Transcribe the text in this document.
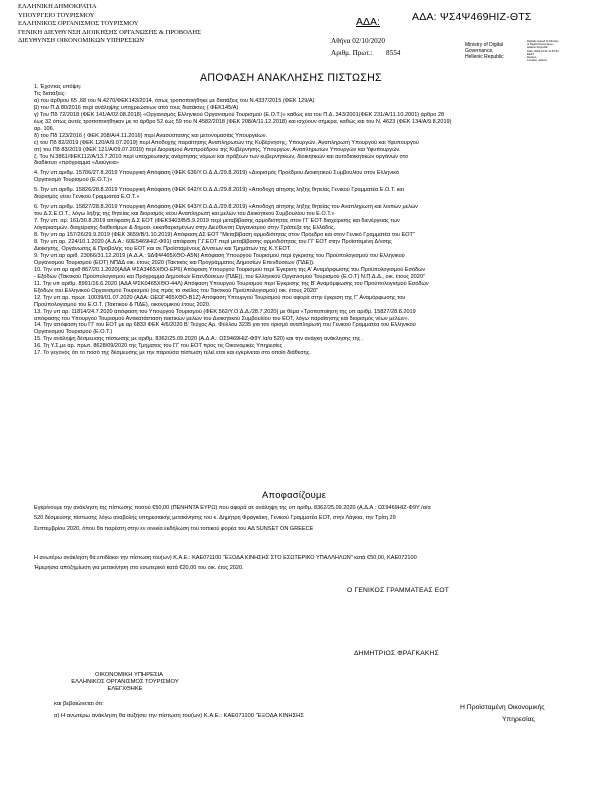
ΕΛΛΗΝΙΚΗ ΔΗΜΟΚΡΑΤΙΑ
ΥΠΟΥΡΓΕΙΟ ΤΟΥΡΙΣΜΟΥ
ΕΛΛΗΝΙΚΟΣ ΟΡΓΑΝΙΣΜΟΣ ΤΟΥΡΙΣΜΟΥ
ΓΕΝΙΚΗ ΔΙΕΥΘΥΝΣΗ ΔΙΟΙΚΗΣΗΣ ΟΡΓΑΝΩΣΗΣ & ΠΡΟΒΟΛΗΣ
ΔΙΕΥΘΥΝΣΗ ΟΙΚΟΝΟΜΙΚΩΝ ΥΠΗΡΕΣΙΩΝ
ΑΔΑ:	ΑΔΑ: ΨΣ4Ψ469ΗΙΖ-ΘΤΣ
Αθήνα 02/10/2020
Αριθμ. Πρωτ.: 8554
Ministry of Digital
Governance,
Hellenic Republic
Digitally signed by Ministry
of Digital Governance,
Hellenic Republic
Date: 2020.10.02 11:53:34
EEST
Reason:
Location: Athens
ΑΠΟΦΑΣΗ ΑΝΑΚΛΗΣΗΣ ΠΙΣΤΩΣΗΣ
1. Έχοντας υπόψη:
Τις διατάξεις:
α) του άρθρου 65 ,68 του Ν.4270/ΦΕΚ143/2014, όπως τροποποιήθηκε με διατάξεις του Ν.4337/2015 (ΦΕΚ 129/Α)
β) του Π.Δ 80/2016 περί ανάληψης υποχρεώσεων από τους διατάκτες ( ΦΕΚ145/Α)
γ) Του Πδ 72/2018 (ΦΕΚ 141/Α/02.08.2018) «Οργανισμός Ελληνικού Οργανισμού Τουρισμού (Ε.Ο.Τ.)» καθώς και του Π.Δ. 343/2001(ΦΕΚ 231/Α/11.10.2001) άρθρο 28
έως 32 όπως αυτές τροποποιήθηκαν με το άρθρο 52 έως 59 του Ν.4582/2018 (ΦΕΚ 208/Α/11.12.2018) και ισχύουν σήμερα, καθώς και του Ν. 4623 (ΦΕΚ 134/Α/9.8.2019)
αρ. 106.
δ) του Πδ 123/2016 ( ΦΕΚ 208/Α/4.11.2016) περί Ανασύστασης και μετονομασίας Υπουργείων.
ε) του Πδ 82/2019 (ΦΕΚ 120/Α/9.07.2019) περί Αποδοχής παραίτησης Αναπληρωτών της Κυβέρνησης, Υπουργών, Αναπληρωτή Υπουργού και Υφυπουργού
στ) του Πδ 83/2019 (ΦΕΚ 121/Α/09.07.2019) περί Διορισμού Αντιπροέδρου της Κυβέρνησης, Υπουργών, Αναπληρωτών Υπουργών και Υφυπουργών.
ζ. Του Ν.3861/ΦΕΚ112/Α/13.7.2010 περί υποχρεωτικής ανάρτησης νόμων και πράξεων των κυβερνητικών, διοικητικών και αυτοδιοικητικών οργάνων στο
διαδίκτυο «πρόγραμμα «Διαύγεια»
4. Την υπ.αριθμ. 15706/27.8.2019 Υπουργική Απόφαση (ΦΕΚ 636/Υ.Ο.Δ.Δ./29.8.2019) «Διορισμός Προέδρου Διοικητικού Συμβουλίου στον Ελληνικό
Οργανισμό Τουρισμού (Ε.Ο.Τ.)»
5. Την υπ.αριθμ. 15826/28.8.2019 Υπουργική Απόφαση (ΦΕΚ 642/Υ.Ο.Δ.Δ./29.8.2019) «Αποδοχή αίτησης λήξης θητείας Γενικού Γραμματέα Ε.Ο.Τ. και
διορισμός νέου Γενικού Γραμματέα Ε.Ο.Τ.»
6. Την υπ.αριθμ. 15827/28.8.2019 Υπουργική Απόφαση (ΦΕΚ 643/Υ.Ο.Δ.Δ./29.8.2019) «Αποδοχή αίτησης λήξης θητείας του Αναπληρωτή και λοιπών μελών
του Δ.Σ.Ε.Ο.Τ., λόγω λήξης της θητείας και διορισμός νέου Αναπληρωτή και μελών του Διοικητικού Συμβουλίου του Ε.Ο.Τ.»
7. Την υπ. αρ. 161/30.8.2019 απόφαση Δ.Σ ΕΟΤ (ΦΕΚ3403/Β/5.9.2019 περί μεταβίβασης αρμοδιότητας στον ΓΓ ΕΟΤ διαχείρισης και διενέργειας των
λογαριασμών, διαχείρισης διαθεσίμων & δημοσ. εκκαθαρισμένων στην Διεύθυνση Οργανισμού στην Τράπεζα της Ελλάδος.
8. Την υπ αρ 157/26/29.9.2019 (ΦΕΚ 3659/Β/1.10.2019) Απόφαση ΔΣ ΕΟΤ "Μεταβίβαση αρμοδιότητας στον Πρόεδρο και στον Γενικό Γραμματέα του ΕΟΤ"
8. Την υπ.αρ. 224/10.1.2020 (Α.Δ.Α.: 60Ε5469ΗΙΖ-Φ91) απόφαση Γ.Γ.ΕΟΤ περί μεταβίβασης αρμοδιότητας του ΓΓ ΕΟΤ στην Προϊσταμένη Δ/νσης
Διοίκησης, Οργάνωσης & Προβολής του ΕΟΤ και σε Προϊσταμένους Δ/νσεων και Τμημάτων της Κ.Υ.ΕΟΤ.
9. Την υπ.αρ αριθ. 23066/31.12.2019 (Α.Δ.Α.: 9ΔΦΨ465ΧΘΟ-Α5Ν) Απόφαση Υπουργού Τουρισμού περί έγκρισης του Προϋπολογισμού του Ελληνικού
Οργανισμού Τουρισμού (ΕΟΤ) ΝΠΔΔ οικ. έτους 2020 (Τακτικός και Προγράμματος Δημοσίων Επενδύσεων (ΠΔΕ)).
10. Την υπ αρ αριθ 867/20.1.2020(ΑΔΑ ΨΣΑ3465ΧΘΟ-ΕΡ6) Απόφαση Υπουργού Τουρισμού περί Έγκριση της Α' Αναμόρφωσης του Προϋπολογισμού Εσόδων
- Εξόδων (Τακτικού Προϋπολογισμού και Πρόγραμμα Δημοσίων Επενδύσεων (ΠΔΕ)), του Ελληνικού Οργανισμού Τουρισμού (Ε.Ο.Τ) Ν.Π.Δ.Δ., οικ. έτους 2020"
11. Την υπ αριθμ. 8991/16.6.2020 (ΑΔΑ ΨΣΚ0465ΧΘΟ-44Λ) Απόφαση Υπουργού Τουρισμού περί Έγκρισης της Β' Αναμόρφωσης του Προϋπολογισμού Εσόδων
Εξόδων του Ελληνικού Οργανισμού Τουρισμού (οις πρός το σκέλος του Τακτικού Προϋπολογισμού) οικ. έτους 2020"
12. Την υπ αρ. πρωτ. 10039/01.07.2020 (ΑΔΑ: ΩΕΩΓ465ΧΘΟ-Β1Ζ) Απόφαση Υπουργού Τουρισμού που αφορά στην έγκριση της Γ' Αναμόρφωσης του
Προϋπολογισμού του Ε.Ο.Τ. (Τακτικού & ΠΔΕ), οικονομικού έτους 2020.
13. Την υπ αρ. 11814/24.7.2020 απόφαση του Υπουργού Τουρισμού (ΦΕΚ 562/Υ.Ο.Δ.Δ./28.7.2020) με θέμα «Τροποποίηση της υπ αριθμ. 15827/28.8.2019
απόφασης του Υπουργού Τουρισμού Αντικατάσταση τακτικών μελών του Διοικητικού Συμβουλίου του ΕΟΤ, λόγω παραίτησης και διορισμός νέων μελών».
14. Την απόφαση του ΓΓ του ΕΟΤ με αρ 6833 ΦΕΚ 4/6/2020 Β' Τεύχος Αρ. Φύλλου 3235 για τον ορισμό αναπληρωτή του Γενικού Γραμματέα του Ελληνικού
Οργανισμού Τουρισμού (Ε.Ο.Τ.)
15. Την ανάληψη δέσμευσης πίστωσης με αριθμ. 8362/25.09.2020 (Α.Δ.Α.: ΩΣ9469ΗΙΖ-Φ9Υ /α/α 520) και την ανάγκη ανάκλησης της .
16. Τη Υ.Σ.με αρ. πρωτ. 8628/09/2020 της Τμηματος του ΓΓ του ΕΟΤ προς τις Οικονομικές Υπηρεσίες .
17. Το γεγονός ότι το ποσό της δέσμευσης με την παρούσα πίστωση τελεί ετσι και εγκρίνεται στο οποίο διάθεσης.
Αποφασίζουμε
Εγκρίνουμε την ανάκληση της πίστωσης ποσού €50,00 (ΠΕΝΗΝΤΑ ΕΥΡΩ) που αφορά σε ανάληψη της υπ αριθμ. 8362/25.09.2020 (Α.Δ.Α.: ΩΣ9469ΗΙΖ-Φ9Υ /α/α
520 δέσμευσης πίστωσης λόγω αναβολής υπηρεσιακής μετακίνησης του κ. Δημήτρη Φραγκάκη, Γενικού Γραμματέα ΕΟΤ, στην Λάγκια, την Τρίτη 29
Σεπτεμβρίου 2020, όπου θα παρέστη στην εν οινικία εκδήλωση του τοπικού φορέα του ΑΔ SUNSET ON GREECE
Η ανωτέρω ανάκληση θα επιδίοκει την πίστωση του(ων) Κ.Α.Ε.: ΚΑΕ071100 "ΕΞΟΔΑ ΚΙΝΗΣΗΣ ΣΤΟ ΕΣΩΤΕΡΙΚΟ ΥΠΑΛΛΗΛΩΝ" κατά €50,00, ΚΑΕ072100
Ήμερήσια αποζημίωση για μετακίνηση στο εσωτερικό κατά €20,00 του οικ. έτος 2020.
Ο ΓΕΝΙΚΟΣ ΓΡΑΜΜΑΤΕΑΣ ΕΟΤ
ΔΗΜΗΤΡΙΟΣ ΦΡΑΓΚΑΚΗΣ
ΟΙΚΟΝΟΜΙΚΗ ΥΠΗΡΕΣΙΑ
ΕΛΛΗΝΙΚΟΣ ΟΡΓΑΝΙΣΜΟΣ ΤΟΥΡΙΣΜΟΥ
ΕΛΕΓΧΘΗΚΕ
και βεβαιώνεται ότι:
α) Η ανωτέρω ανάκληση θα αυξήσει την πίστωση του(ων) Κ.Α.Ε.: ΚΑΕ071100 "ΕΞΟΔΑ ΚΙΝΗΣΗΣ
Η Προϊσταμένη Οικονομικής
Υπηρεσίας
